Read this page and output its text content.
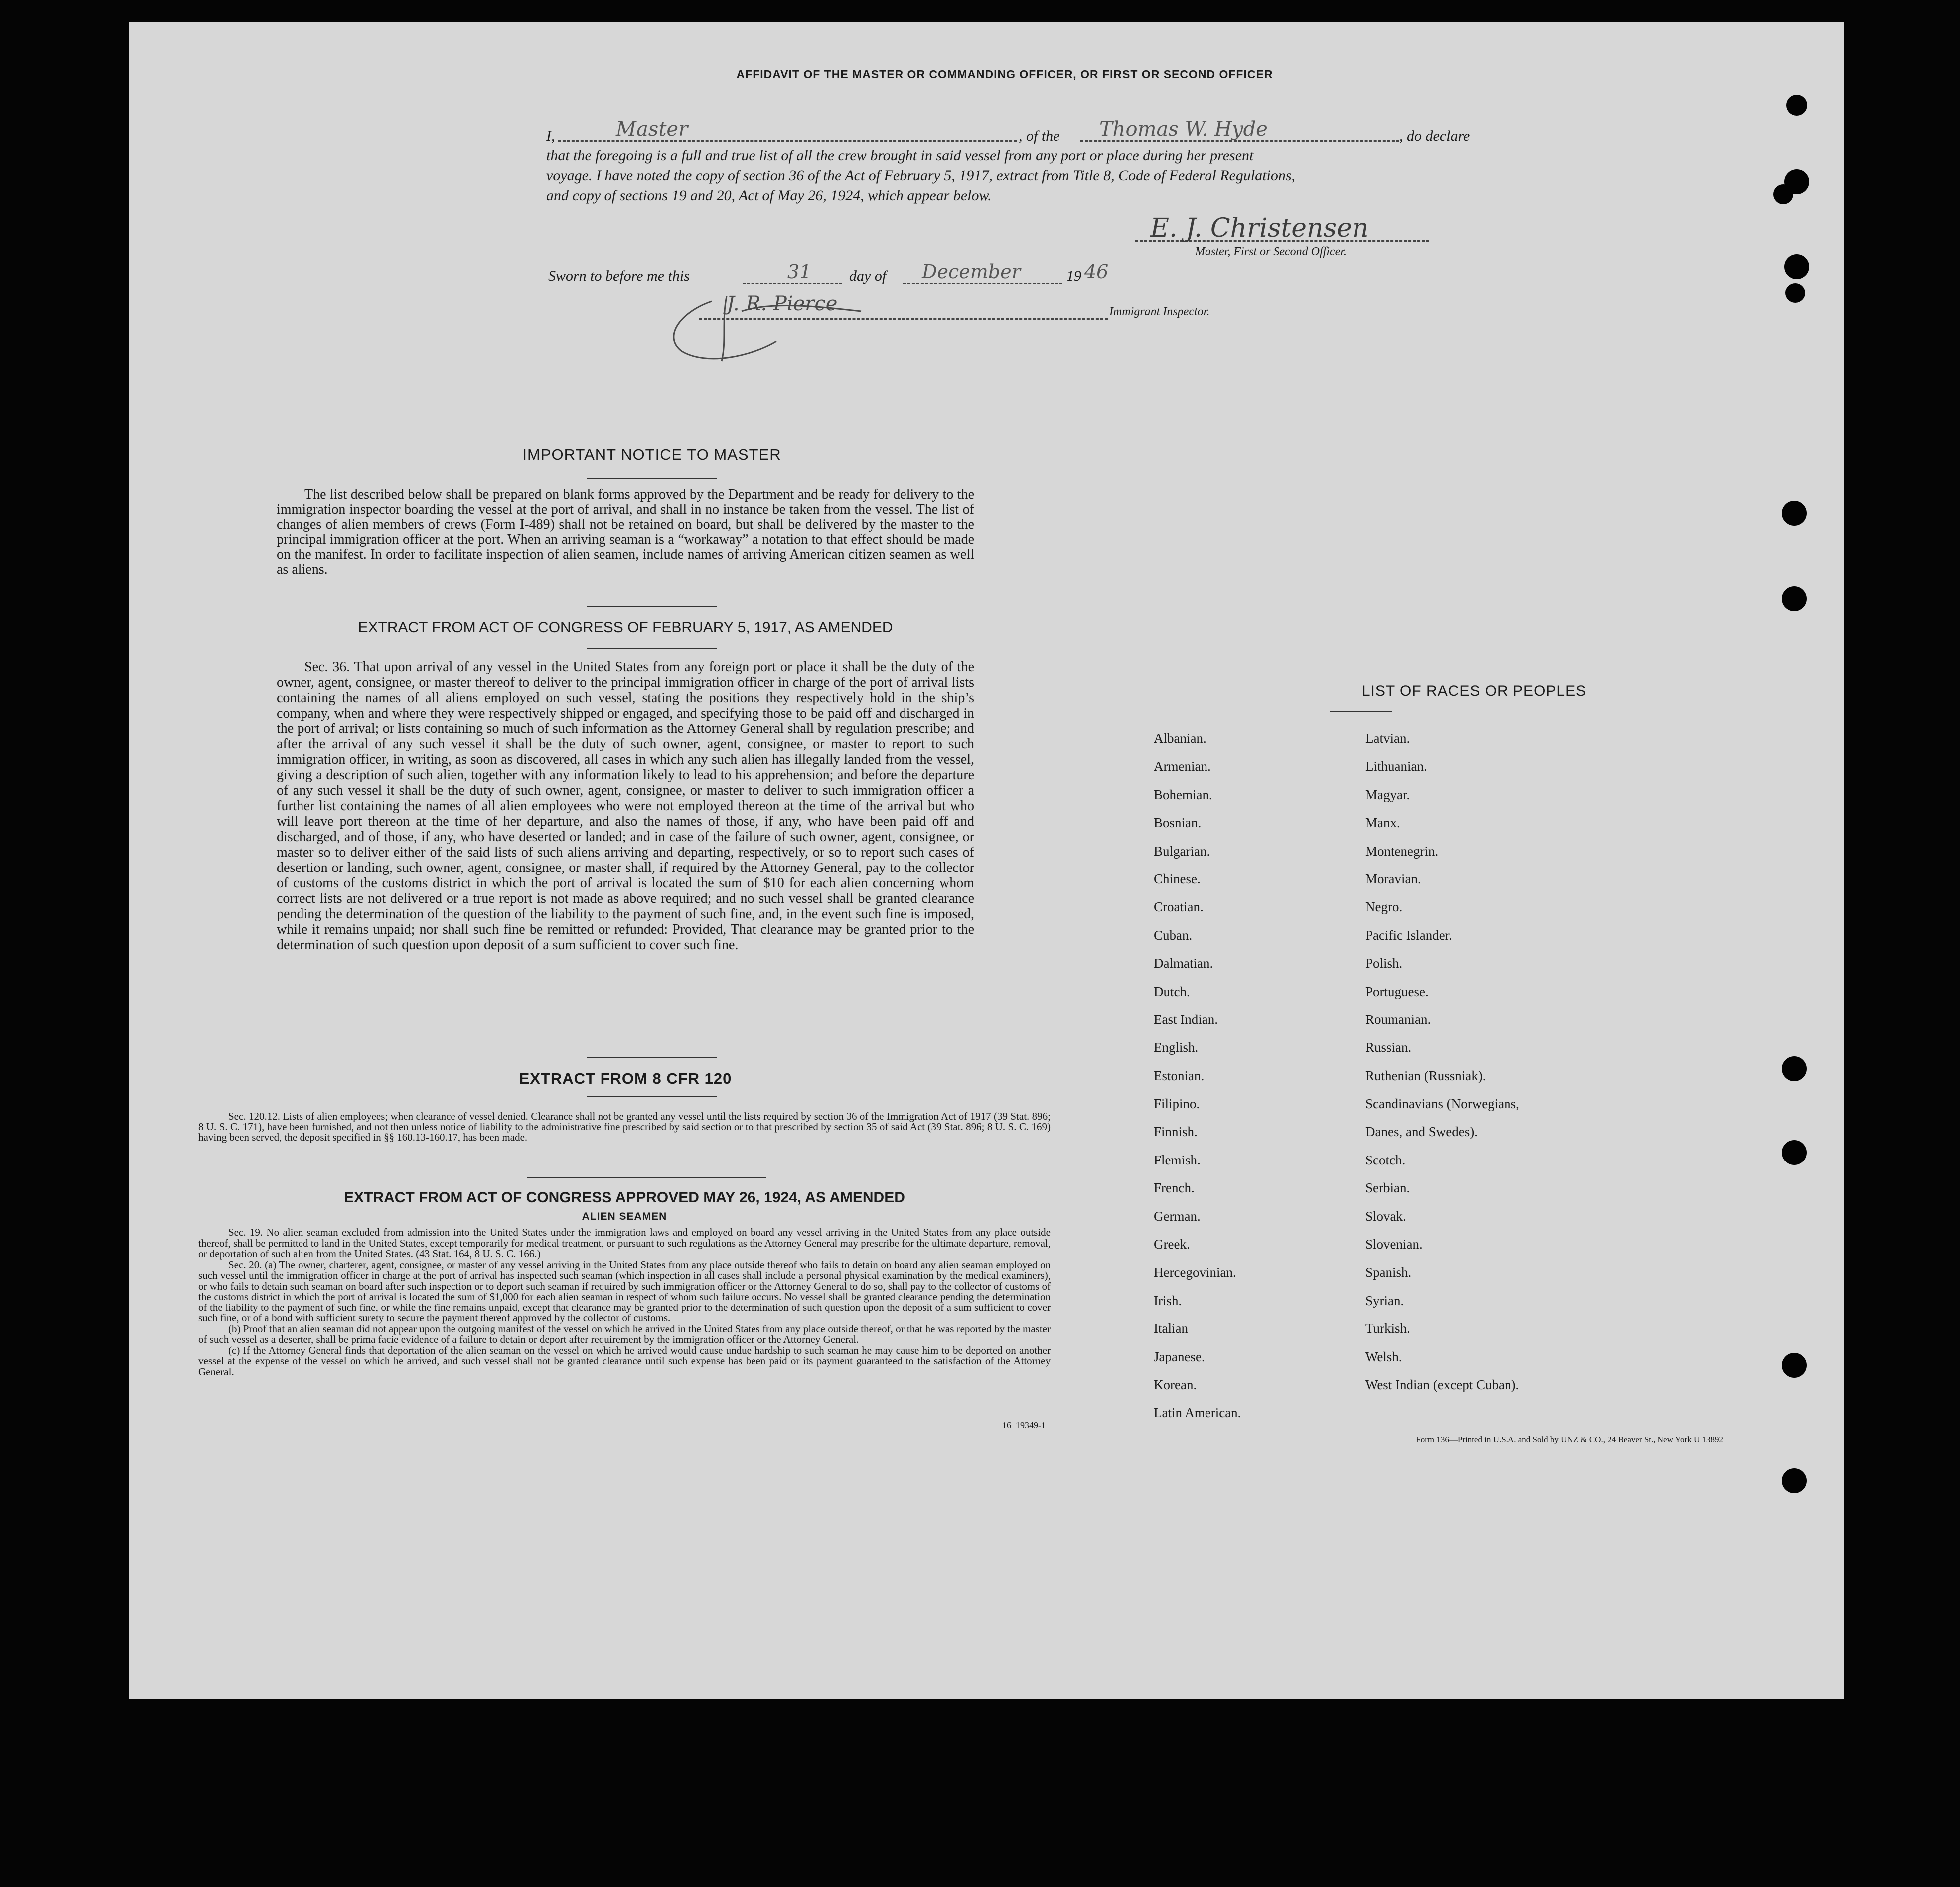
AFFIDAVIT OF THE MASTER OR COMMANDING OFFICER, OR FIRST OR SECOND OFFICER
I,	Master	, of the Thomas W. Hyde	, do declare
that the foregoing is a full and true list of all the crew brought in said vessel from any port or place during her present
voyage. I have noted the copy of section 36 of the Act of February 5, 1917, extract from Title 8, Code of Federal Regulations,
and copy of sections 19 and 20, Act of May 26, 1924, which appear below.
E. J. Christensen
Master, First or Second Officer.
Sworn to before me this	31	day of December	19 46
J. R. Pierce	Immigrant Inspector.
IMPORTANT NOTICE TO MASTER
The list described below shall be prepared on blank forms approved by the Department and be ready for delivery to the immigration inspector boarding the vessel at the port of arrival, and shall in no instance be taken from the vessel. The list of changes of alien members of crews (Form I-489) shall not be retained on board, but shall be delivered by the master to the principal immigration officer at the port. When an arriving seaman is a “workaway” a notation to that effect should be made on the manifest. In order to facilitate inspection of alien seamen, include names of arriving American citizen seamen as well as aliens.
EXTRACT FROM ACT OF CONGRESS OF FEBRUARY 5, 1917, AS AMENDED
Sec. 36. That upon arrival of any vessel in the United States from any foreign port or place it shall be the duty of the owner, agent, consignee, or master thereof to deliver to the principal immigration officer in charge of the port of arrival lists containing the names of all aliens employed on such vessel, stating the positions they respectively hold in the ship’s company, when and where they were respectively shipped or engaged, and specifying those to be paid off and discharged in the port of arrival; or lists containing so much of such information as the Attorney General shall by regulation prescribe; and after the arrival of any such vessel it shall be the duty of such owner, agent, consignee, or master to report to such immigration officer, in writing, as soon as discovered, all cases in which any such alien has illegally landed from the vessel, giving a description of such alien, together with any information likely to lead to his apprehension; and before the departure of any such vessel it shall be the duty of such owner, agent, consignee, or master to deliver to such immigration officer a further list containing the names of all alien employees who were not employed thereon at the time of the arrival but who will leave port thereon at the time of her departure, and also the names of those, if any, who have been paid off and discharged, and of those, if any, who have deserted or landed; and in case of the failure of such owner, agent, consignee, or master so to deliver either of the said lists of such aliens arriving and departing, respectively, or so to report such cases of desertion or landing, such owner, agent, consignee, or master shall, if required by the Attorney General, pay to the collector of customs of the customs district in which the port of arrival is located the sum of $10 for each alien concerning whom correct lists are not delivered or a true report is not made as above required; and no such vessel shall be granted clearance pending the determination of the question of the liability to the payment of such fine, and, in the event such fine is imposed, while it remains unpaid; nor shall such fine be remitted or refunded: Provided, That clearance may be granted prior to the determination of such question upon deposit of a sum sufficient to cover such fine.
EXTRACT FROM 8 CFR 120
Sec. 120.12. Lists of alien employees; when clearance of vessel denied. Clearance shall not be granted any vessel until the lists required by section 36 of the Immigration Act of 1917 (39 Stat. 896; 8 U. S. C. 171), have been furnished, and not then unless notice of liability to the administrative fine prescribed by said section or to that prescribed by section 35 of said Act (39 Stat. 896; 8 U. S. C. 169) having been served, the deposit specified in §§ 160.13-160.17, has been made.
EXTRACT FROM ACT OF CONGRESS APPROVED MAY 26, 1924, AS AMENDED
ALIEN SEAMEN
Sec. 19. No alien seaman excluded from admission into the United States under the immigration laws and employed on board any vessel arriving in the United States from any place outside thereof, shall be permitted to land in the United States, except temporarily for medical treatment, or pursuant to such regulations as the Attorney General may prescribe for the ultimate departure, removal, or deportation of such alien from the United States. (43 Stat. 164, 8 U. S. C. 166.)
Sec. 20. (a) The owner, charterer, agent, consignee, or master of any vessel arriving in the United States from any place outside thereof who fails to detain on board any alien seaman employed on such vessel until the immigration officer in charge at the port of arrival has inspected such seaman (which inspection in all cases shall include a personal physical examination by the medical examiners), or who fails to detain such seaman on board after such inspection or to deport such seaman if required by such immigration officer or the Attorney General to do so, shall pay to the collector of customs of the customs district in which the port of arrival is located the sum of $1,000 for each alien seaman in respect of whom such failure occurs. No vessel shall be granted clearance pending the determination of the liability to the payment of such fine, or while the fine remains unpaid, except that clearance may be granted prior to the determination of such question upon the deposit of a sum sufficient to cover such fine, or of a bond with sufficient surety to secure the payment thereof approved by the collector of customs.
(b) Proof that an alien seaman did not appear upon the outgoing manifest of the vessel on which he arrived in the United States from any place outside thereof, or that he was reported by the master of such vessel as a deserter, shall be prima facie evidence of a failure to detain or deport after requirement by the immigration officer or the Attorney General.
(c) If the Attorney General finds that deportation of the alien seaman on the vessel on which he arrived would cause undue hardship to such seaman he may cause him to be deported on another vessel at the expense of the vessel on which he arrived, and such vessel shall not be granted clearance until such expense has been paid or its payment guaranteed to the satisfaction of the Attorney General.
16–19349-1
LIST OF RACES OR PEOPLES
Albanian.
Armenian.
Bohemian.
Bosnian.
Bulgarian.
Chinese.
Croatian.
Cuban.
Dalmatian.
Dutch.
East Indian.
English.
Estonian.
Filipino.
Finnish.
Flemish.
French.
German.
Greek.
Hercegovinian.
Irish.
Italian
Japanese.
Korean.
Latin American.
Latvian.
Lithuanian.
Magyar.
Manx.
Montenegrin.
Moravian.
Negro.
Pacific Islander.
Polish.
Portuguese.
Roumanian.
Russian.
Ruthenian (Russniak).
Scandinavians (Norwegians,
Danes, and Swedes).
Scotch.
Serbian.
Slovak.
Slovenian.
Spanish.
Syrian.
Turkish.
Welsh.
West Indian (except Cuban).
Form 136—Printed in U.S.A. and Sold by UNZ & CO., 24 Beaver St., New York U 13892
